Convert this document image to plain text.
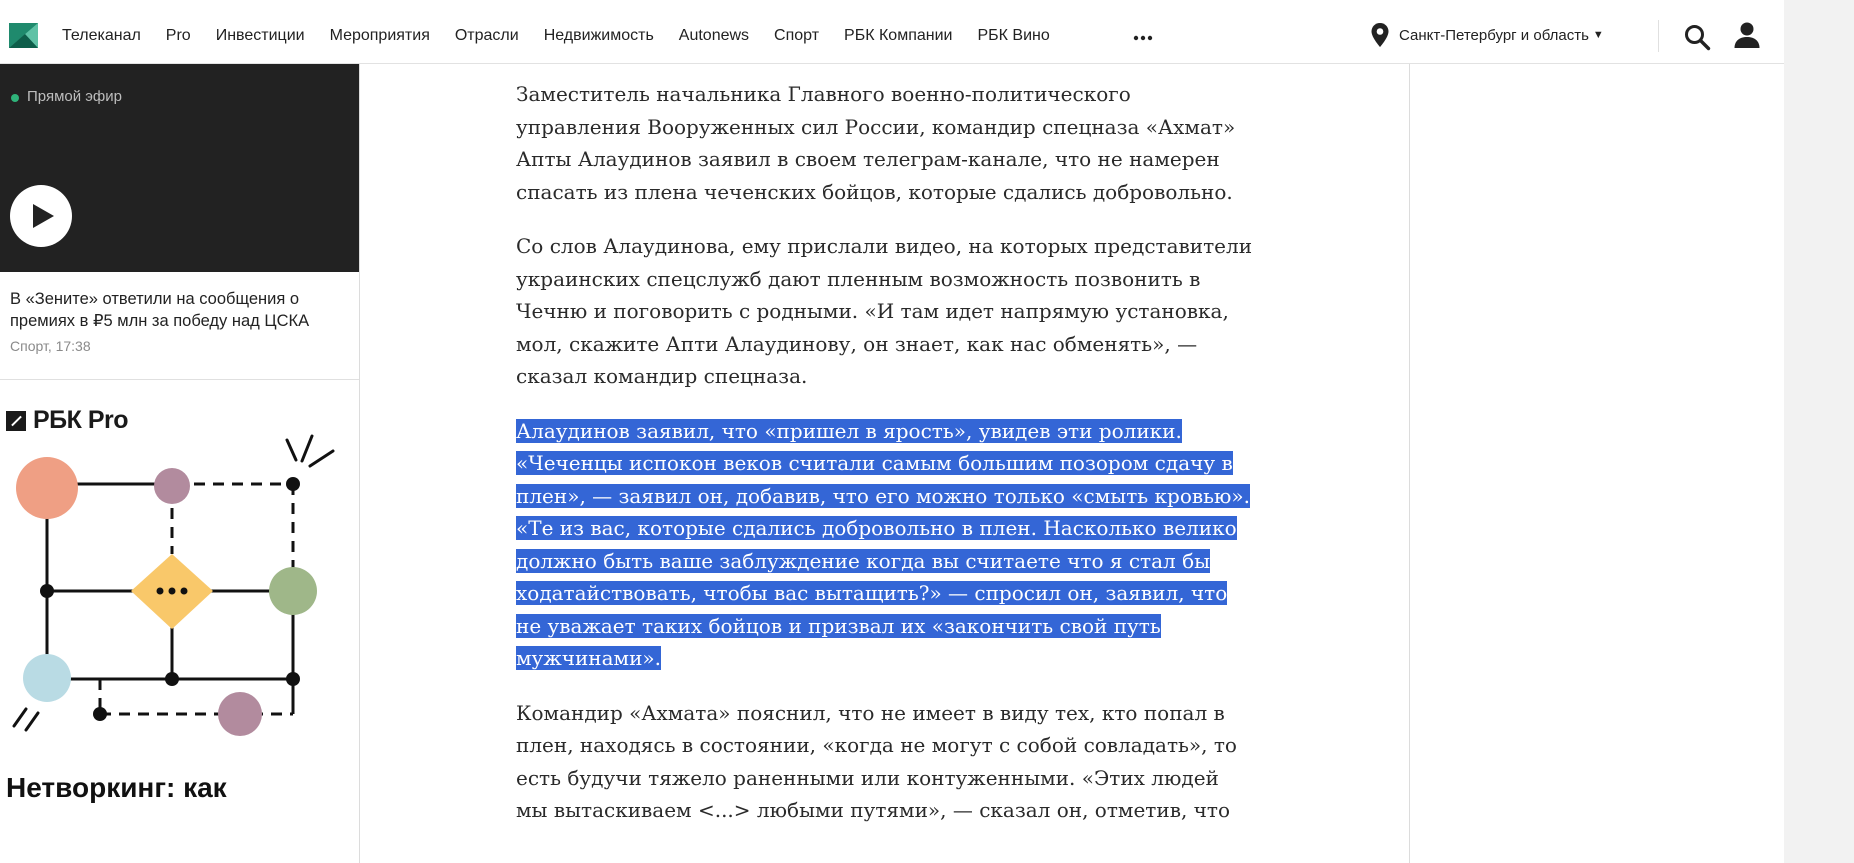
Телеканал Pro Инвестиции Мероприятия Отрасли Недвижимость Autonews Спорт РБК Компании РБК Вино	Санкт-Петербург и область ▼
Прямой эфир
В «Зените» ответили на сообщения о премиях в ₽5 млн за победу над ЦСКА
Спорт, 17:38
РБК Pro
Нетворкинг: как

Заместитель начальника Главного военно-политического управления Вооруженных сил России, командир спецназа «Ахмат» Апты Алаудинов заявил в своем телеграм-канале, что не намерен спасать из плена чеченских бойцов, которые сдались добровольно.

Со слов Алаудинова, ему прислали видео, на которых представители украинских спецслужб дают пленным возможность позвонить в Чечню и поговорить с родными. «И там идет напрямую установка, мол, скажите Апти Алаудинову, он знает, как нас обменять», — сказал командир спецназа.

Алаудинов заявил, что «пришел в ярость», увидев эти ролики. «Чеченцы испокон веков считали самым большим позором сдачу в плен», — заявил он, добавив, что его можно только «смыть кровью». «Те из вас, которые сдались добровольно в плен. Насколько велико должно быть ваше заблуждение когда вы считаете что я стал бы ходатайствовать, чтобы вас вытащить?» — спросил он, заявил, что не уважает таких бойцов и призвал их «закончить свой путь мужчинами».

Командир «Ахмата» пояснил, что не имеет в виду тех, кто попал в плен, находясь в состоянии, «когда не могут с собой совладать», то есть будучи тяжело раненными или контуженными. «Этих людей мы вытаскиваем <...> любыми путями», — сказал он, отметив, что
